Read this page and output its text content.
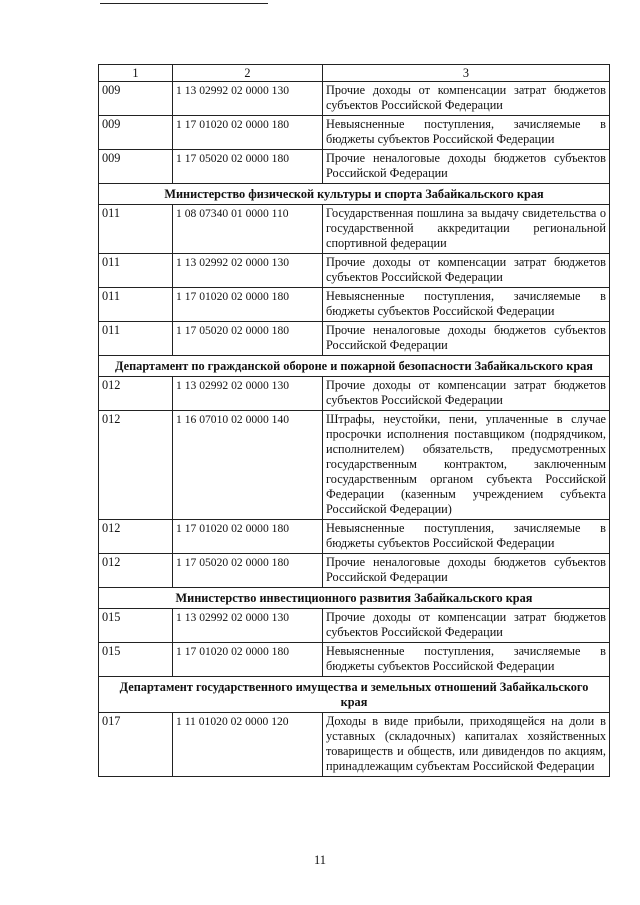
1	2	3
009	1 13 02992 02 0000 130	Прочие доходы от компенсации затрат бюджетов субъектов Российской Федерации
009	1 17 01020 02 0000 180	Невыясненные поступления, зачисляемые в бюджеты субъектов Российской Федерации
009	1 17 05020 02 0000 180	Прочие неналоговые доходы бюджетов субъектов Российской Федерации
Министерство физической культуры и спорта Забайкальского края		
011	1 08 07340 01 0000 110	Государственная пошлина за выдачу свидетельства о государственной аккредитации региональной спортивной федерации
011	1 13 02992 02 0000 130	Прочие доходы от компенсации затрат бюджетов субъектов Российской Федерации
011	1 17 01020 02 0000 180	Невыясненные поступления, зачисляемые в бюджеты субъектов Российской Федерации
011	1 17 05020 02 0000 180	Прочие неналоговые доходы бюджетов субъектов Российской Федерации
Департамент по гражданской обороне и пожарной безопасности Забайкальского края		
012	1 13 02992 02 0000 130	Прочие доходы от компенсации затрат бюджетов субъектов Российской Федерации
012	1 16 07010 02 0000 140	Штрафы, неустойки, пени, уплаченные в случае просрочки исполнения поставщиком (подрядчиком, исполнителем) обязательств, предусмотренных государственным контрактом, заключенным государственным органом субъекта Российской Федерации (казенным учреждением субъекта Российской Федерации)
012	1 17 01020 02 0000 180	Невыясненные поступления, зачисляемые в бюджеты субъектов Российской Федерации
012	1 17 05020 02 0000 180	Прочие неналоговые доходы бюджетов субъектов Российской Федерации
Министерство инвестиционного развития Забайкальского края		
015	1 13 02992 02 0000 130	Прочие доходы от компенсации затрат бюджетов субъектов Российской Федерации
015	1 17 01020 02 0000 180	Невыясненные поступления, зачисляемые в бюджеты субъектов Российской Федерации
Департамент государственного имущества и земельных отношений Забайкальского края		
017	1 11 01020 02 0000 120	Доходы в виде прибыли, приходящейся на доли в уставных (складочных) капиталах хозяйственных товариществ и обществ, или дивидендов по акциям, принадлежащим субъектам Российской Федерации
11
